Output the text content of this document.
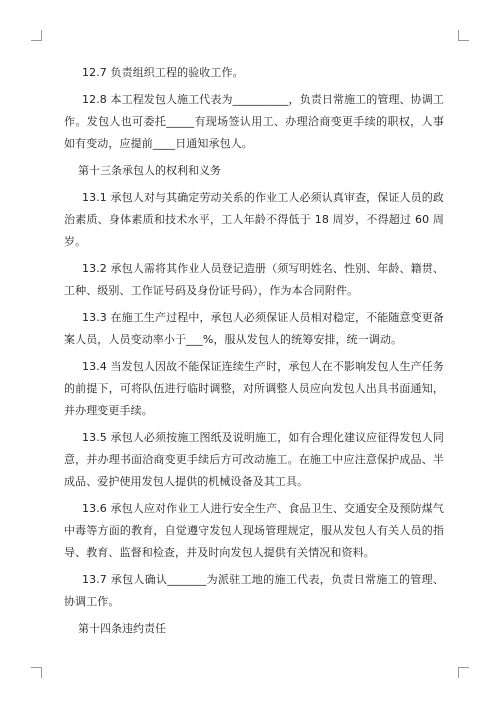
12.7 负责组织工程的验收工作。

12.8 本工程发包人施工代表为__________，负责日常施工的管理、协调工作。发包人也可委托_____有现场签认用工、办理洽商变更手续的职权，人事如有变动，应提前____日通知承包人。

第十三条承包人的权利和义务

13.1 承包人对与其确定劳动关系的作业工人必须认真审查，保证人员的政治素质、身体素质和技术水平，工人年龄不得低于 18 周岁，不得超过 60 周岁。

13.2 承包人需将其作业人员登记造册（须写明姓名、性别、年龄、籍贯、工种、级别、工作证号码及身份证号码），作为本合同附件。

13.3 在施工生产过程中，承包人必须保证人员相对稳定，不能随意变更备案人员，人员变动率小于___%，服从发包人的统筹安排，统一调动。

13.4 当发包人因故不能保证连续生产时，承包人在不影响发包人生产任务的前提下，可将队伍进行临时调整，对所调整人员应向发包人出具书面通知，并办理变更手续。

13.5 承包人必须按施工图纸及说明施工，如有合理化建议应征得发包人同意，并办理书面洽商变更手续后方可改动施工。在施工中应注意保护成品、半成品、爱护使用发包人提供的机械设备及其工具。

13.6 承包人应对作业工人进行安全生产、食品卫生、交通安全及预防煤气中毒等方面的教育，自觉遵守发包人现场管理规定，服从发包人有关人员的指导、教育、监督和检查，并及时向发包人提供有关情况和资料。

13.7 承包人确认_______为派驻工地的施工代表，负责日常施工的管理、协调工作。

第十四条违约责任
